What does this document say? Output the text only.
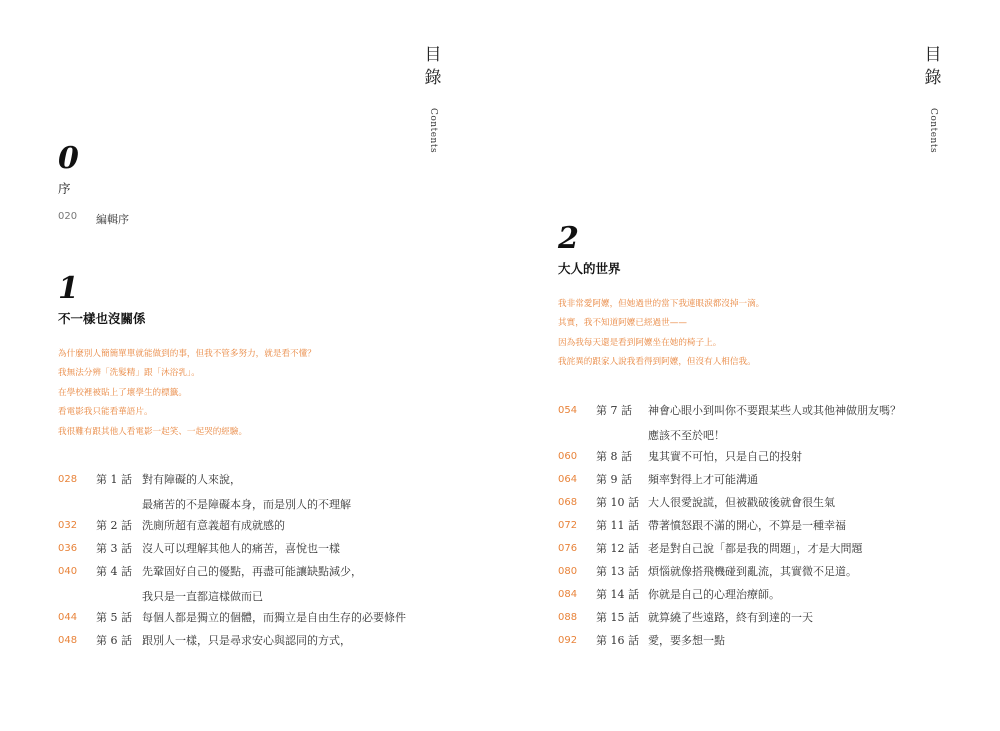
目
錄
Contents
0
序
020 編輯序
1
不一樣也沒關係
為什麼別人簡簡單單就能做到的事，但我不管多努力，就是看不懂？
我無法分辨「洗髮精」跟「沐浴乳」。
在學校裡被貼上了壞學生的標籤。
看電影我只能看華語片。
我很難有跟其他人看電影一起笑、一起哭的經驗。
028 第 1 話 對有障礙的人來說，
最痛苦的不是障礙本身，而是別人的不理解
032 第 2 話 洗廁所超有意義超有成就感的
036 第 3 話 沒人可以理解其他人的痛苦，喜悅也一樣
040 第 4 話 先鞏固好自己的優點，再盡可能讓缺點減少，
我只是一直都這樣做而已
044 第 5 話 每個人都是獨立的個體，而獨立是自由生存的必要條件
048 第 6 話 跟別人一樣，只是尋求安心與認同的方式，
目
錄
Contents
2
大人的世界
我非常愛阿嬤，但她過世的當下我連眼淚都沒掉一滴。
其實，我不知道阿嬤已經過世——
因為我每天還是看到阿嬤坐在她的椅子上。
我詫異的跟家人說我看得到阿嬤，但沒有人相信我。
054 第 7 話 神會心眼小到叫你不要跟某些人或其他神做朋友嗎？
應該不至於吧！
060 第 8 話 鬼其實不可怕，只是自己的投射
064 第 9 話 頻率對得上才可能溝通
068 第 10 話 大人很愛說謊，但被戳破後就會很生氣
072 第 11 話 帶著憤怒跟不滿的開心，不算是一種幸福
076 第 12 話 老是對自己說「都是我的問題」，才是大問題
080 第 13 話 煩惱就像搭飛機碰到亂流，其實微不足道。
084 第 14 話 你就是自己的心理治療師。
088 第 15 話 就算繞了些遠路，終有到達的一天
092 第 16 話 愛，要多想一點
